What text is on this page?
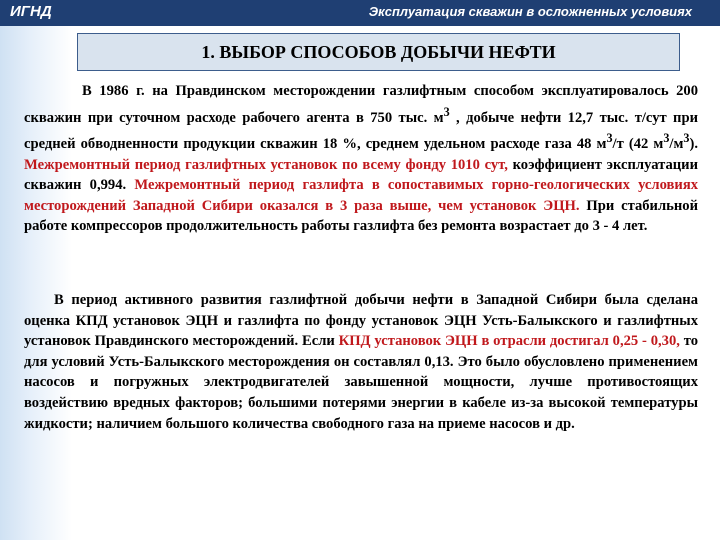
ИГНД	Эксплуатация скважин в осложненных условиях
1. ВЫБОР СПОСОБОВ ДОБЫЧИ НЕФТИ
В 1986 г. на Правдинском месторождении газлифтным способом эксплуатировалось 200 скважин при суточном расходе рабочего агента в 750 тыс. $м^3$ , добыче нефти 12,7 тыс. т/сут при средней обводненности продукции скважин 18 %, среднем удельном расходе газа 48 $м^3/т$ (42 $м^3/м^3$). Межремонтный период газлифтных установок по всему фонду 1010 сут, коэффициент эксплуатации скважин 0,994. Межремонтный период газлифта в сопоставимых горно-геологических условиях месторождений Западной Сибири оказался в 3 раза выше, чем установок ЭЦН. При стабильной работе компрессоров продолжительность работы газлифта без ремонта возрастает до 3 - 4 лет.
В период активного развития газлифтной добычи нефти в Западной Сибири была сделана оценка КПД установок ЭЦН и газлифта по фонду установок ЭЦН Усть-Балыкского и газлифтных установок Правдинского месторождений. Если КПД установок ЭЦН в отрасли достигал 0,25 - 0,30, то для условий Усть-Балыкского месторождения он составлял 0,13. Это было обусловлено применением насосов и погружных электродвигателей завышенной мощности, лучше противостоящих воздействию вредных факторов; большими потерями энергии в кабеле из-за высокой температуры жидкости; наличием большого количества свободного газа на приеме насосов и др.
